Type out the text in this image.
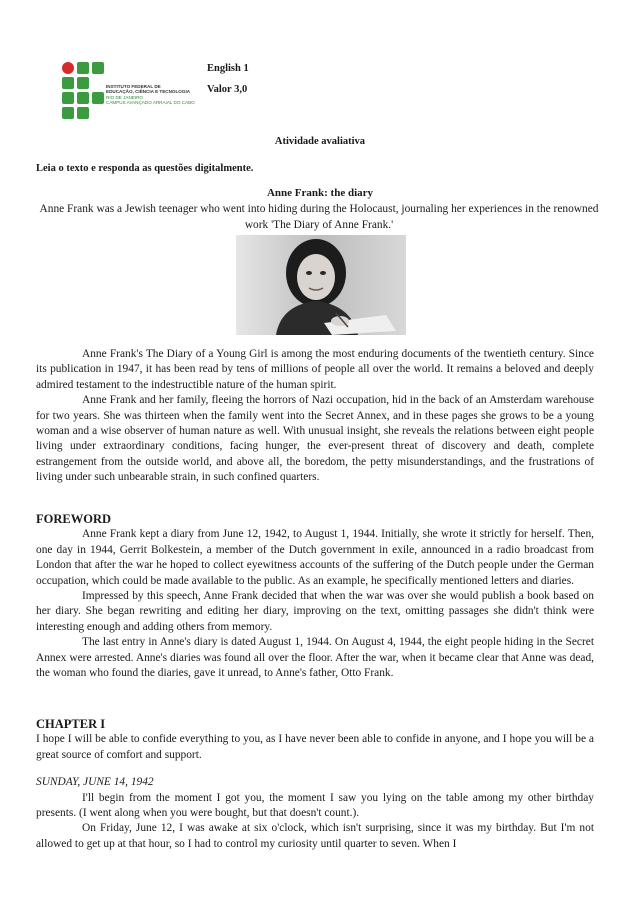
INSTITUTO FEDERAL DE
EDUCAÇÃO, CIÊNCIA E TECNOLOGIA
RIO DE JANEIRO
CAMPUS AVANÇADO ARRAIAL DO CABO
English 1
Valor 3,0
Atividade avaliativa
Leia o texto e responda as questões digitalmente.
Anne Frank: the diary
Anne Frank was a Jewish teenager who went into hiding during the Holocaust, journaling her experiences in the renowned work 'The Diary of Anne Frank.'

Anne Frank's The Diary of a Young Girl is among the most enduring documents of the twentieth century. Since its publication in 1947, it has been read by tens of millions of people all over the world. It remains a beloved and deeply admired testament to the indestructible nature of the human spirit.

Anne Frank and her family, fleeing the horrors of Nazi occupation, hid in the back of an Amsterdam warehouse for two years. She was thirteen when the family went into the Secret Annex, and in these pages she grows to be a young woman and a wise observer of human nature as well. With unusual insight, she reveals the relations between eight people living under extraordinary conditions, facing hunger, the ever-present threat of discovery and death, complete estrangement from the outside world, and above all, the boredom, the petty misunderstandings, and the frustrations of living under such unbearable strain, in such confined quarters.

FOREWORD

Anne Frank kept a diary from June 12, 1942, to August 1, 1944. Initially, she wrote it strictly for herself. Then, one day in 1944, Gerrit Bolkestein, a member of the Dutch government in exile, announced in a radio broadcast from London that after the war he hoped to collect eyewitness accounts of the suffering of the Dutch people under the German occupation, which could be made available to the public. As an example, he specifically mentioned letters and diaries.

Impressed by this speech, Anne Frank decided that when the war was over she would publish a book based on her diary. She began rewriting and editing her diary, improving on the text, omitting passages she didn't think were interesting enough and adding others from memory.

The last entry in Anne's diary is dated August 1, 1944. On August 4, 1944, the eight people hiding in the Secret Annex were arrested. Anne's diaries was found all over the floor. After the war, when it became clear that Anne was dead, the woman who found the diaries, gave it unread, to Anne's father, Otto Frank.

CHAPTER I

I hope I will be able to confide everything to you, as I have never been able to confide in anyone, and I hope you will be a great source of comfort and support.

SUNDAY, JUNE 14, 1942

I'll begin from the moment I got you, the moment I saw you lying on the table among my other birthday presents. (I went along when you were bought, but that doesn't count.).

On Friday, June 12, I was awake at six o'clock, which isn't surprising, since it was my birthday. But I'm not allowed to get up at that hour, so I had to control my curiosity until quarter to seven. When I
